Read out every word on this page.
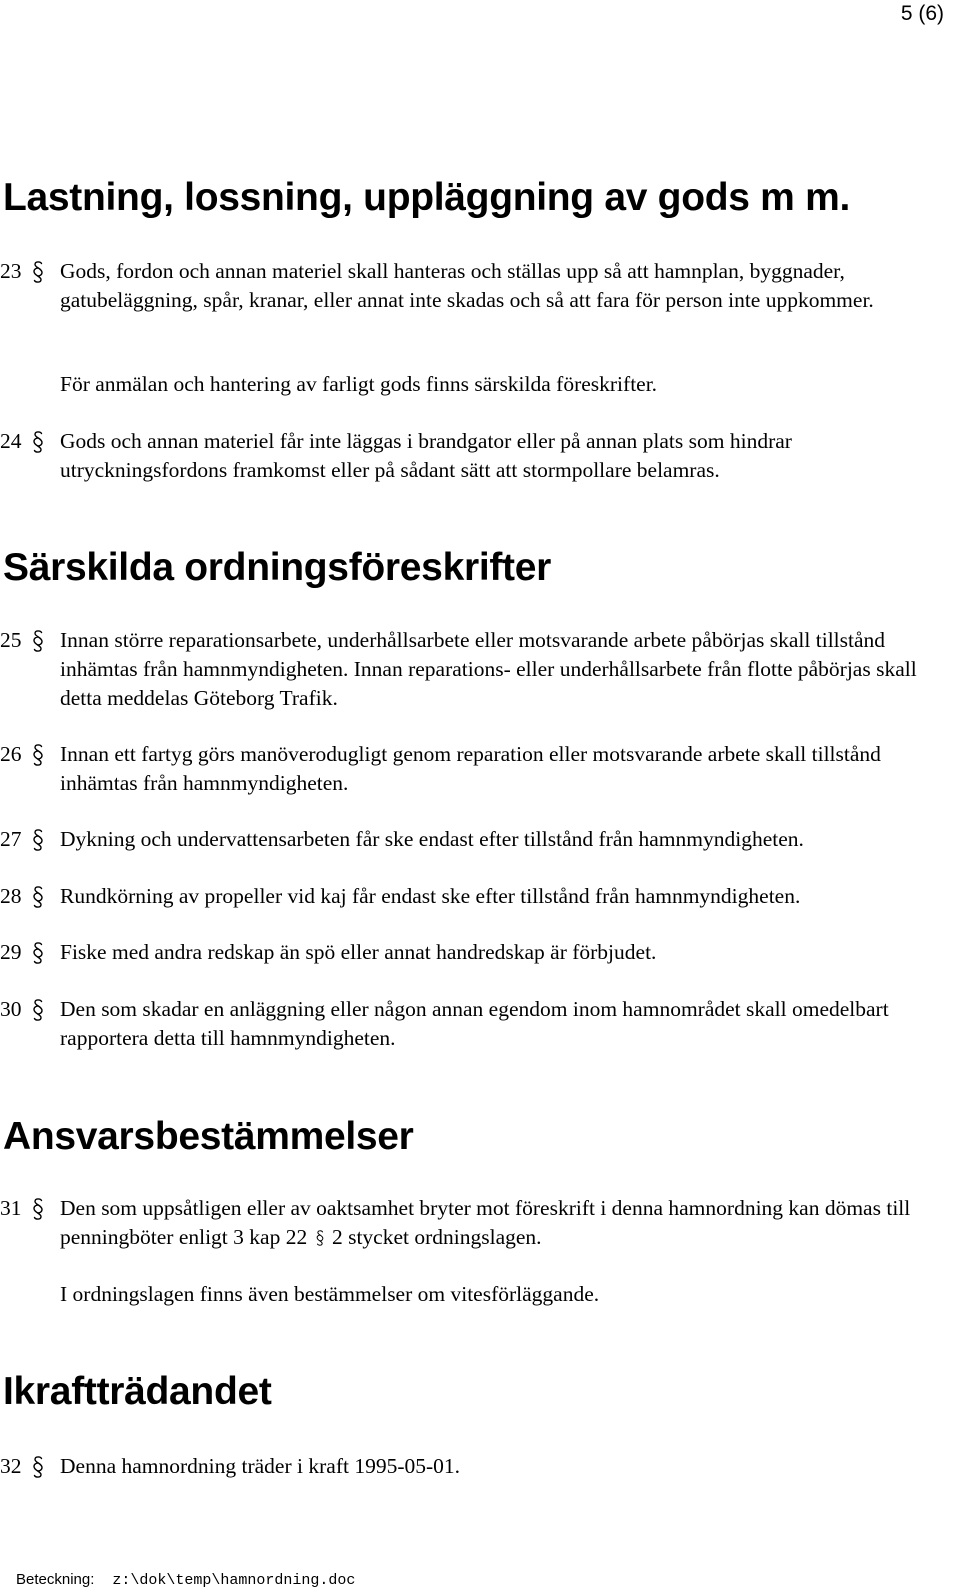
5 (6)
Lastning, lossning, uppläggning av gods m m.
23 Gods, fordon och annan materiel skall hanteras och ställas upp så att hamnplan, byggnader, gatubeläggning, spår, kranar, eller annat inte skadas och så att fara för person inte uppkommer.
För anmälan och hantering av farligt gods finns särskilda föreskrifter.
24 Gods och annan materiel får inte läggas i brandgator eller på annan plats som hindrar utryckningsfordons framkomst eller på sådant sätt att stormpollare belamras.
Särskilda ordningsföreskrifter
25 Innan större reparationsarbete, underhållsarbete eller motsvarande arbete påbörjas skall tillstånd inhämtas från hamnmyndigheten. Innan reparations- eller underhållsarbete från flotte påbörjas skall detta meddelas Göteborg Trafik.
26 Innan ett fartyg görs manöverodugligt genom reparation eller motsvarande arbete skall tillstånd inhämtas från hamnmyndigheten.
27 Dykning och undervattensarbeten får ske endast efter tillstånd från hamnmyndigheten.
28 Rundkörning av propeller vid kaj får endast ske efter tillstånd från hamnmyndigheten.
29 Fiske med andra redskap än spö eller annat handredskap är förbjudet.
30 Den som skadar en anläggning eller någon annan egendom inom hamnområdet skall omedelbart rapportera detta till hamnmyndigheten.
Ansvarsbestämmelser
31 Den som uppsåtligen eller av oaktsamhet bryter mot föreskrift i denna hamnordning kan dömas till penningböter enligt 3 kap 22 2 stycket ordningslagen.
I ordningslagen finns även bestämmelser om vitesförläggande.
Ikraftträdandet
32 Denna hamnordning träder i kraft 1995-05-01.
Beteckning: z:\dok\temp\hamnordning.doc
